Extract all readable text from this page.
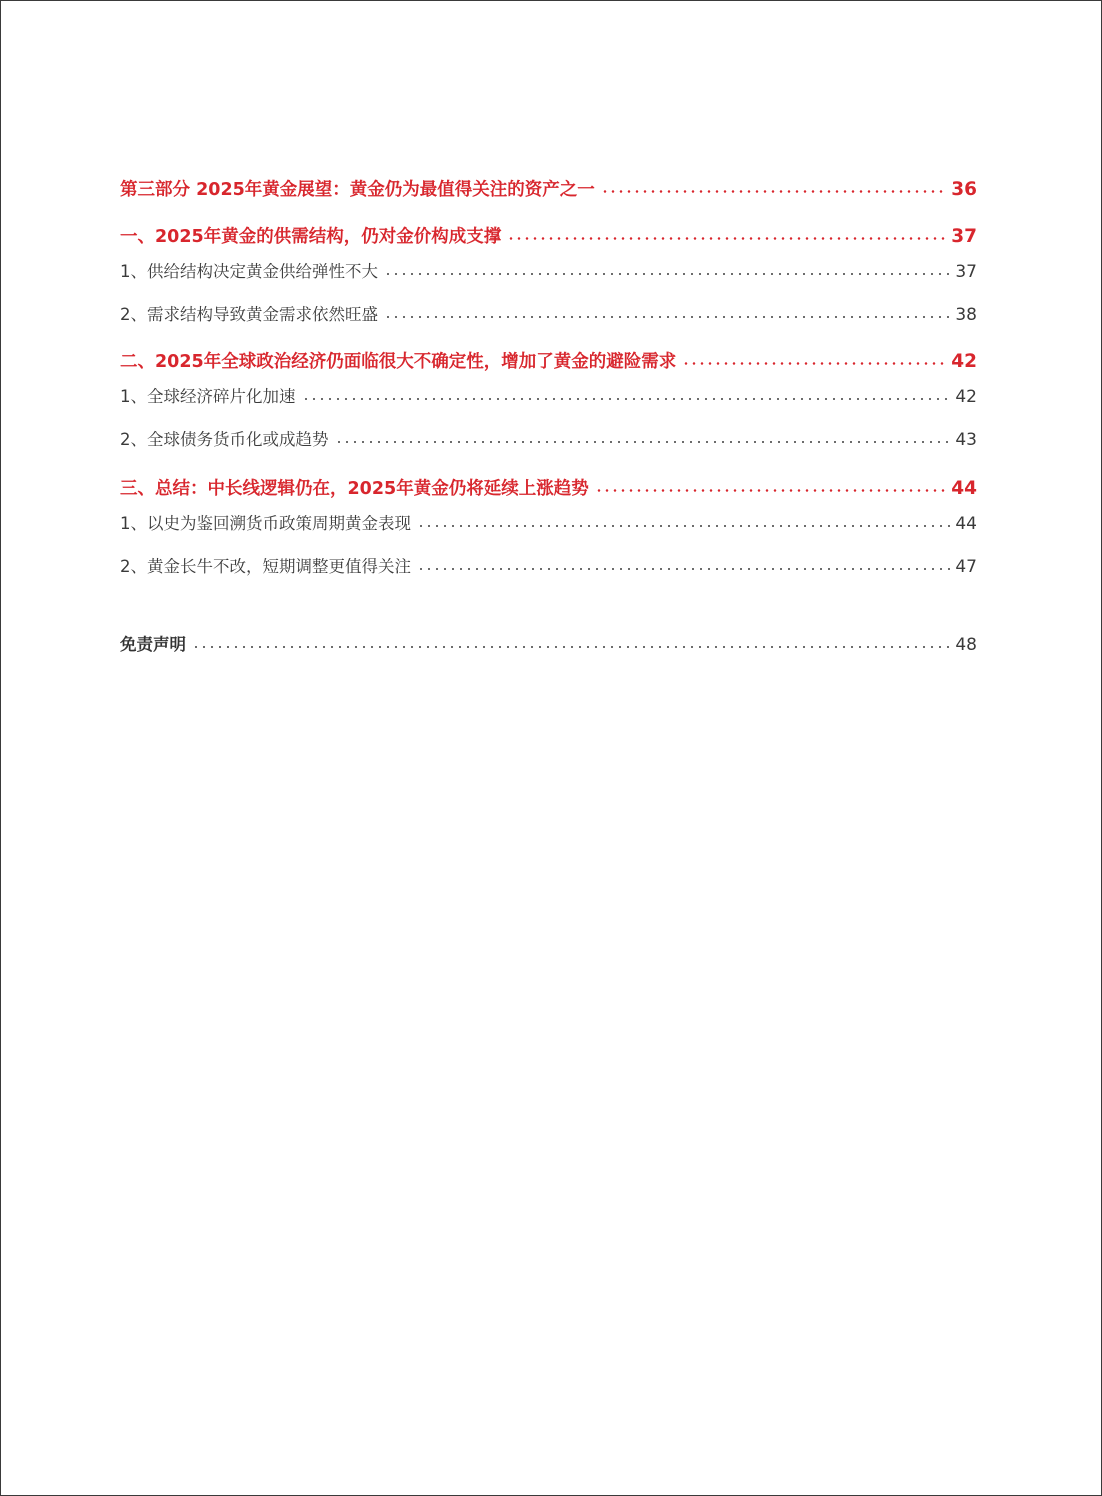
第三部分 2025年黄金展望：黄金仍为最值得关注的资产之一	36
一、2025年黄金的供需结构，仍对金价构成支撑	37
1、供给结构决定黄金供给弹性不大	37
2、需求结构导致黄金需求依然旺盛	38
二、2025年全球政治经济仍面临很大不确定性，增加了黄金的避险需求	42
1、全球经济碎片化加速	42
2、全球债务货币化或成趋势	43
三、总结：中长线逻辑仍在，2025年黄金仍将延续上涨趋势	44
1、以史为鉴回溯货币政策周期黄金表现	44
2、黄金长牛不改，短期调整更值得关注	47
免责声明	48
